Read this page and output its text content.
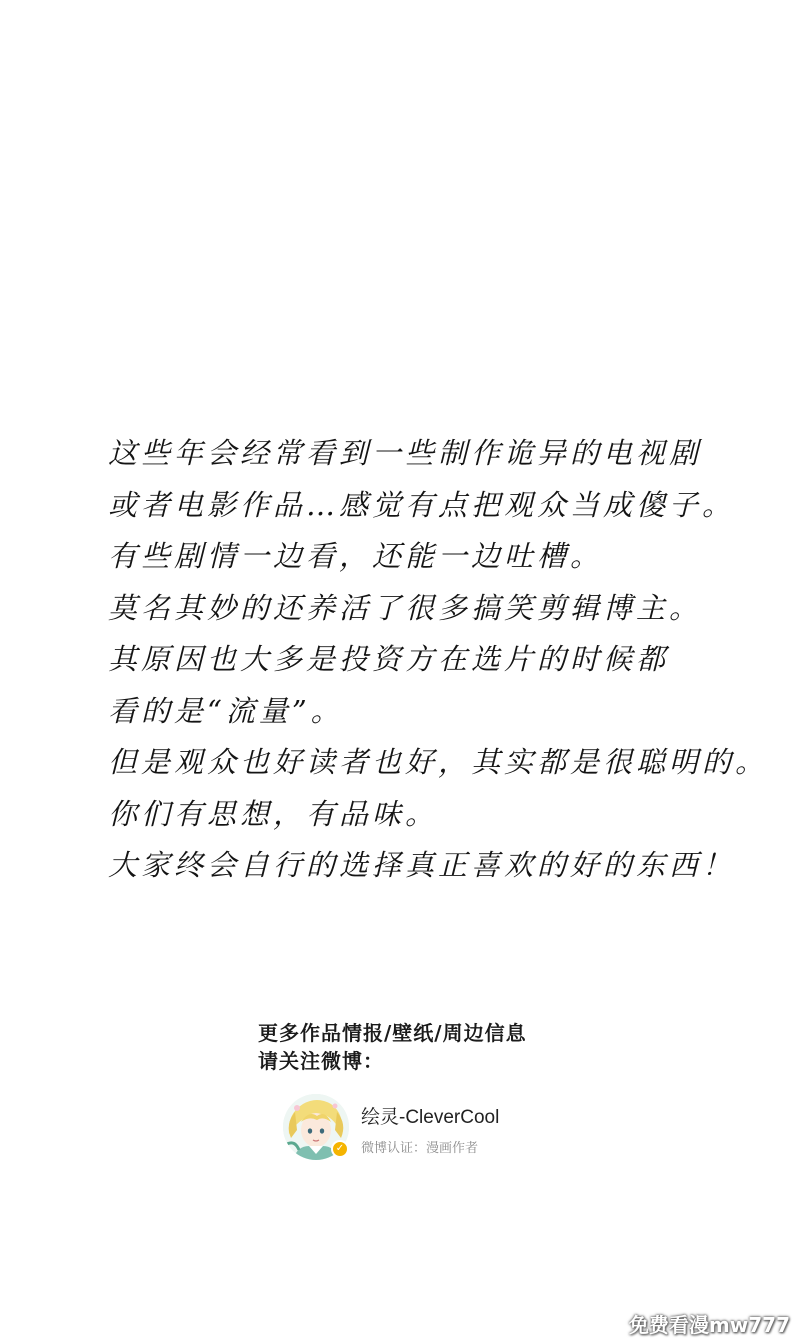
这些年会经常看到一些制作诡异的电视剧
或者电影作品…感觉有点把观众当成傻子。
有些剧情一边看，还能一边吐槽。
莫名其妙的还养活了很多搞笑剪辑博主。
其原因也大多是投资方在选片的时候都
看的是“流量”。
但是观众也好读者也好，其实都是很聪明的。
你们有思想，有品味。
大家终会自行的选择真正喜欢的好的东西！
更多作品情报/壁纸/周边信息
请关注微博：
✓
绘灵-CleverCool
微博认证：漫画作者
免费看漫mw777
